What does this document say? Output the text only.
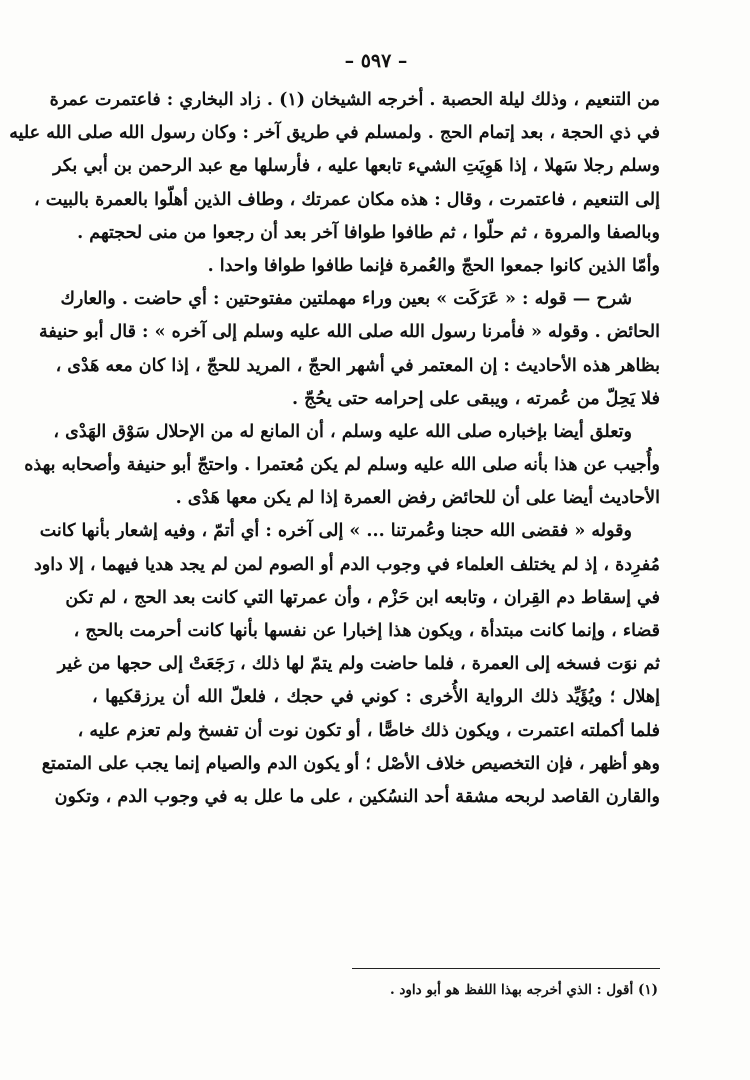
– ٥٩٧ –
من التنعيم ، وذلك ليلة الحصبة . أخرجه الشيخان (١) . زاد البخاري : فاعتمرت عمرة
في ذي الحجة ، بعد إتمام الحج . ولمسلم في طريق آخر : وكان رسول الله صلى الله عليه
وسلم رجلا سَهلا ، إذا هَوِيَتِ الشيء تابعها عليه ، فأرسلها مع عبد الرحمن بن أبي بكر
إلى التنعيم ، فاعتمرت ، وقال : هذه مكان عمرتك ، وطاف الذين أهلّوا بالعمرة بالبيت ،
وبالصفا والمروة ، ثم حلّوا ، ثم طافوا طوافا آخر بعد أن رجعوا من منى لحجتهم .
وأمّا الذين كانوا جمعوا الحجّ والعُمرة فإنما طافوا طوافا واحدا .
شرح — قوله : « عَرَكَت » بعين وراء مهملتين مفتوحتين : أي حاضت . والعارك
الحائض . وقوله « فأمرنا رسول الله صلى الله عليه وسلم إلى آخره » : قال أبو حنيفة
بظاهر هذه الأحاديث : إن المعتمر في أشهر الحجّ ، المريد للحجّ ، إذا كان معه هَدْى ،
فلا يَحِلّ من عُمرته ، ويبقى على إحرامه حتى يحُجّ .
وتعلق أيضا بإخباره صلى الله عليه وسلم ، أن المانع له من الإحلال سَوْق الهَدْى ،
وأُجيب عن هذا بأنه صلى الله عليه وسلم لم يكن مُعتمرا . واحتجّ أبو حنيفة وأصحابه بهذه
الأحاديث أيضا على أن للحائض رفض العمرة إذا لم يكن معها هَدْى .
وقوله « فقضى الله حجنا وعُمرتنا ... » إلى آخره : أي أتمّ ، وفيه إشعار بأنها كانت
مُفرِدة ، إذ لم يختلف العلماء في وجوب الدم أو الصوم لمن لم يجد هديا فيهما ، إلا داود
في إسقاط دم القِران ، وتابعه ابن حَزْم ، وأن عمرتها التي كانت بعد الحج ، لم تكن
قضاء ، وإنما كانت مبتدأة ، ويكون هذا إخبارا عن نفسها بأنها كانت أحرمت بالحج ،
ثم نوَت فسخه إلى العمرة ، فلما حاضت ولم يتمّ لها ذلك ، رَجَعَتْ إلى حجها من غير
إهلال ؛ ويُؤَيِّد ذلك الرواية الأُخرى : كوني في حجك ، فلعلّ الله أن يرزقكيها ،
فلما أكملته اعتمرت ، ويكون ذلك خاصًّا ، أو تكون نوت أن تفسخ ولم تعزم عليه ،
وهو أظهر ، فإن التخصيص خلاف الأصْل ؛ أو يكون الدم والصيام إنما يجب على المتمتع
والقارن القاصد لربحه مشقة أحد النسُكين ، على ما علل به في وجوب الدم ، وتكون
(١) أقول : الذي أخرجه بهذا اللفظ هو أبو داود .
